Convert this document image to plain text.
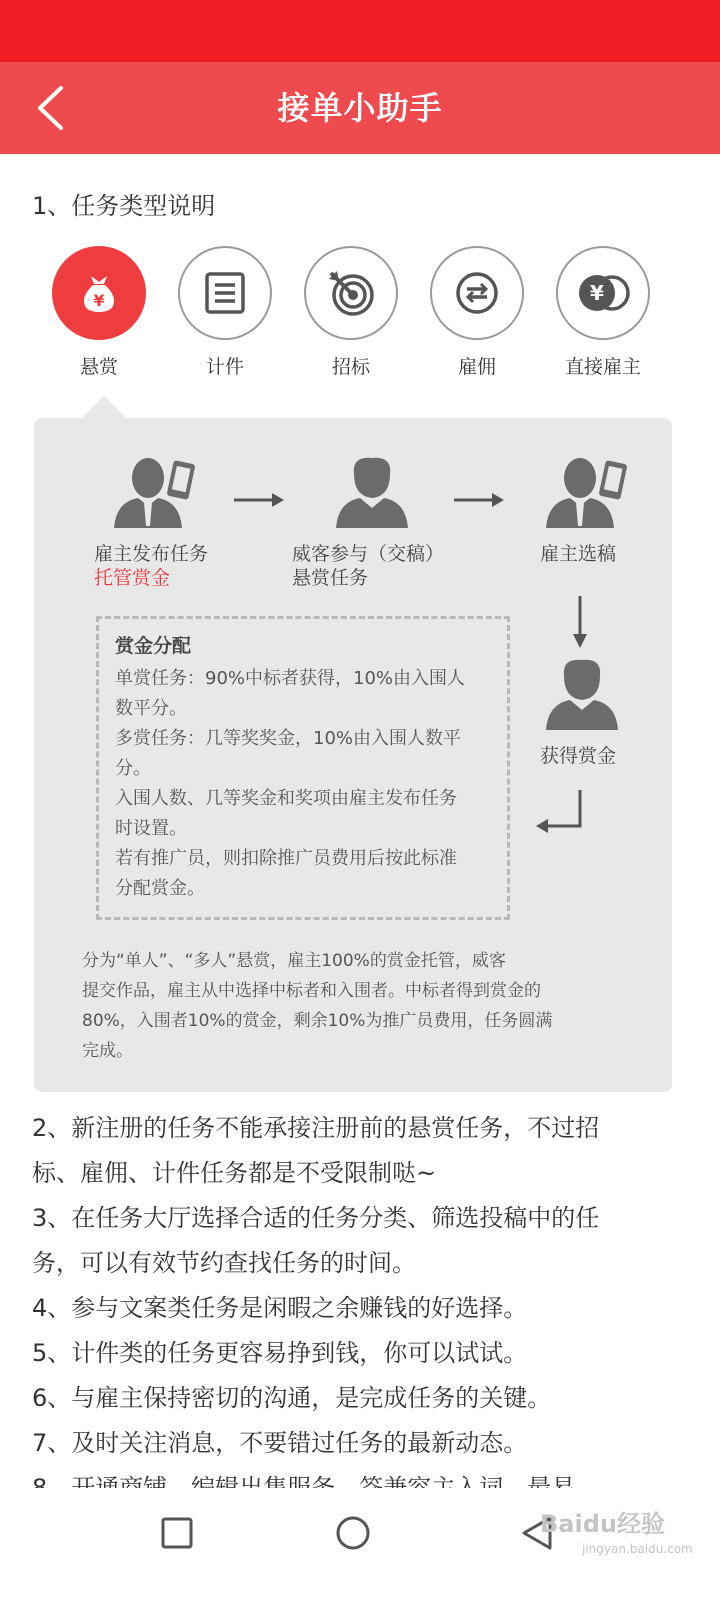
接单小助手
1、任务类型说明
¥
悬赏	计件	招标	雇佣
¥
直接雇主
雇主发布任务
托管赏金
威客参与（交稿）
悬赏任务
雇主选稿
获得赏金
赏金分配
单赏任务：90%中标者获得，10%由入围人
数平分。
多赏任务：几等奖奖金，10%由入围人数平
分。
入围人数、几等奖金和奖项由雇主发布任务
时设置。
若有推广员，则扣除推广员费用后按此标准
分配赏金。
分为“单人”、“多人”悬赏，雇主100%的赏金托管，威客
提交作品，雇主从中选择中标者和入围者。中标者得到赏金的
80%，入围者10%的赏金，剩余10%为推广员费用，任务圆满
完成。
2、新注册的任务不能承接注册前的悬赏任务，不过招
标、雇佣、计件任务都是不受限制哒~
3、在任务大厅选择合适的任务分类、筛选投稿中的任
务，可以有效节约查找任务的时间。
4、参与文案类任务是闲暇之余赚钱的好选择。
5、计件类的任务更容易挣到钱，你可以试试。
6、与雇主保持密切的沟通，是完成任务的关键。
7、及时关注消息，不要错过任务的最新动态。
Baidu经验
jingyan.baidu.com
